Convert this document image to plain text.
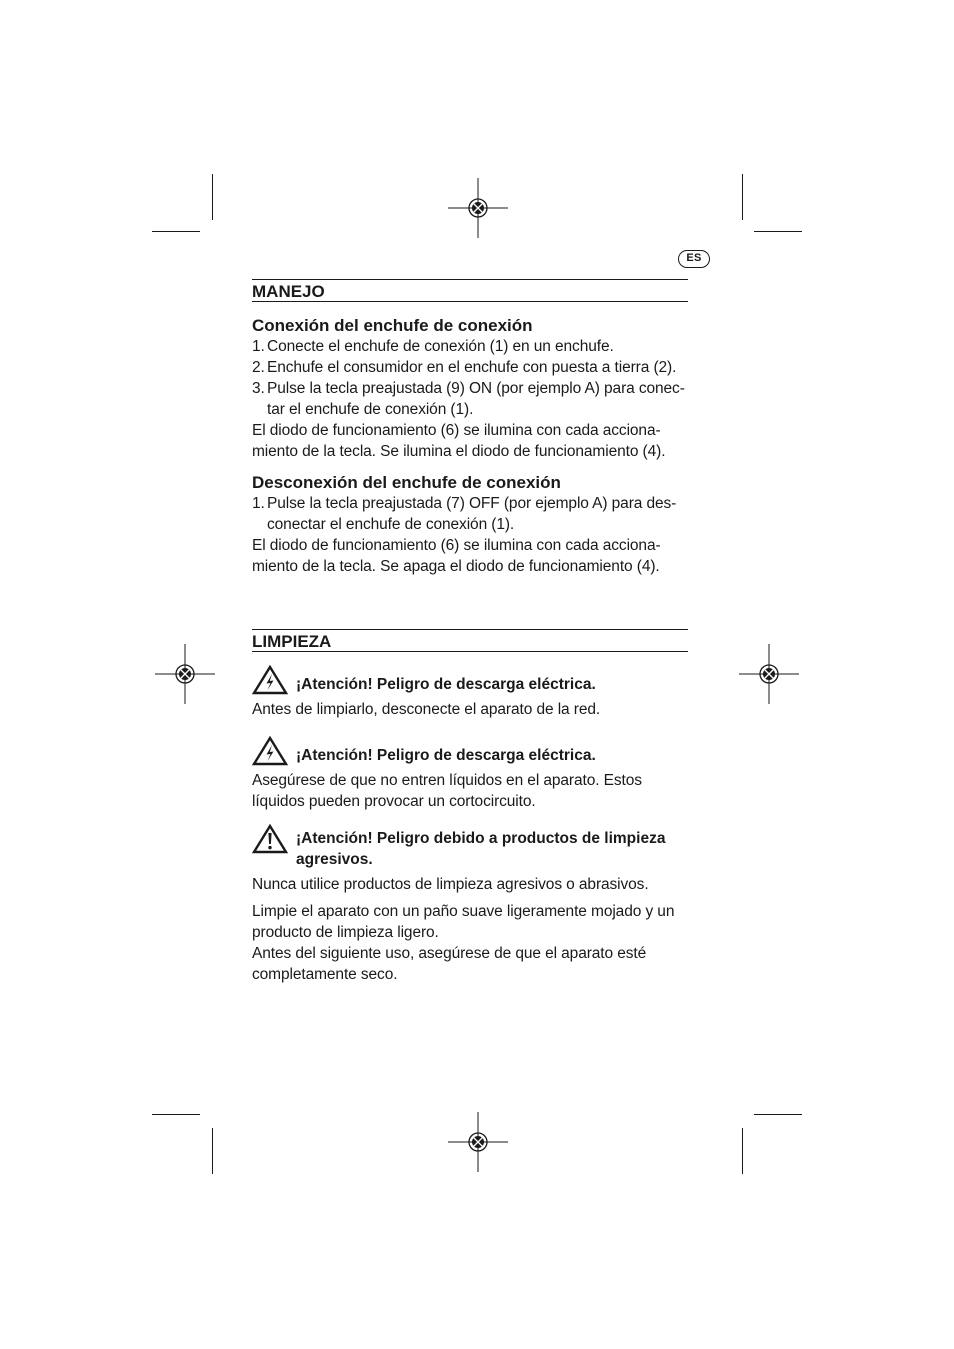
ES
MANEJO
Conexión del enchufe de conexión
1. Conecte el enchufe de conexión (1) en un enchufe.
2. Enchufe el consumidor en el enchufe con puesta a tierra (2).
3. Pulse la tecla preajustada (9) ON (por ejemplo A) para conec-
tar el enchufe de conexión (1).
El diodo de funcionamiento (6) se ilumina con cada acciona-
miento de la tecla. Se ilumina el diodo de funcionamiento (4).
Desconexión del enchufe de conexión
1. Pulse la tecla preajustada (7) OFF (por ejemplo A) para des-
conectar el enchufe de conexión (1).
El diodo de funcionamiento (6) se ilumina con cada acciona-
miento de la tecla. Se apaga el diodo de funcionamiento (4).
LIMPIEZA
¡Atención! Peligro de descarga eléctrica.
Antes de limpiarlo, desconecte el aparato de la red.
¡Atención! Peligro de descarga eléctrica.
Asegúrese de que no entren líquidos en el aparato. Estos
líquidos pueden provocar un cortocircuito.
¡Atención! Peligro debido a productos de limpieza
agresivos.
Nunca utilice productos de limpieza agresivos o abrasivos.
Limpie el aparato con un paño suave ligeramente mojado y un
producto de limpieza ligero.
Antes del siguiente uso, asegúrese de que el aparato esté
completamente seco.
